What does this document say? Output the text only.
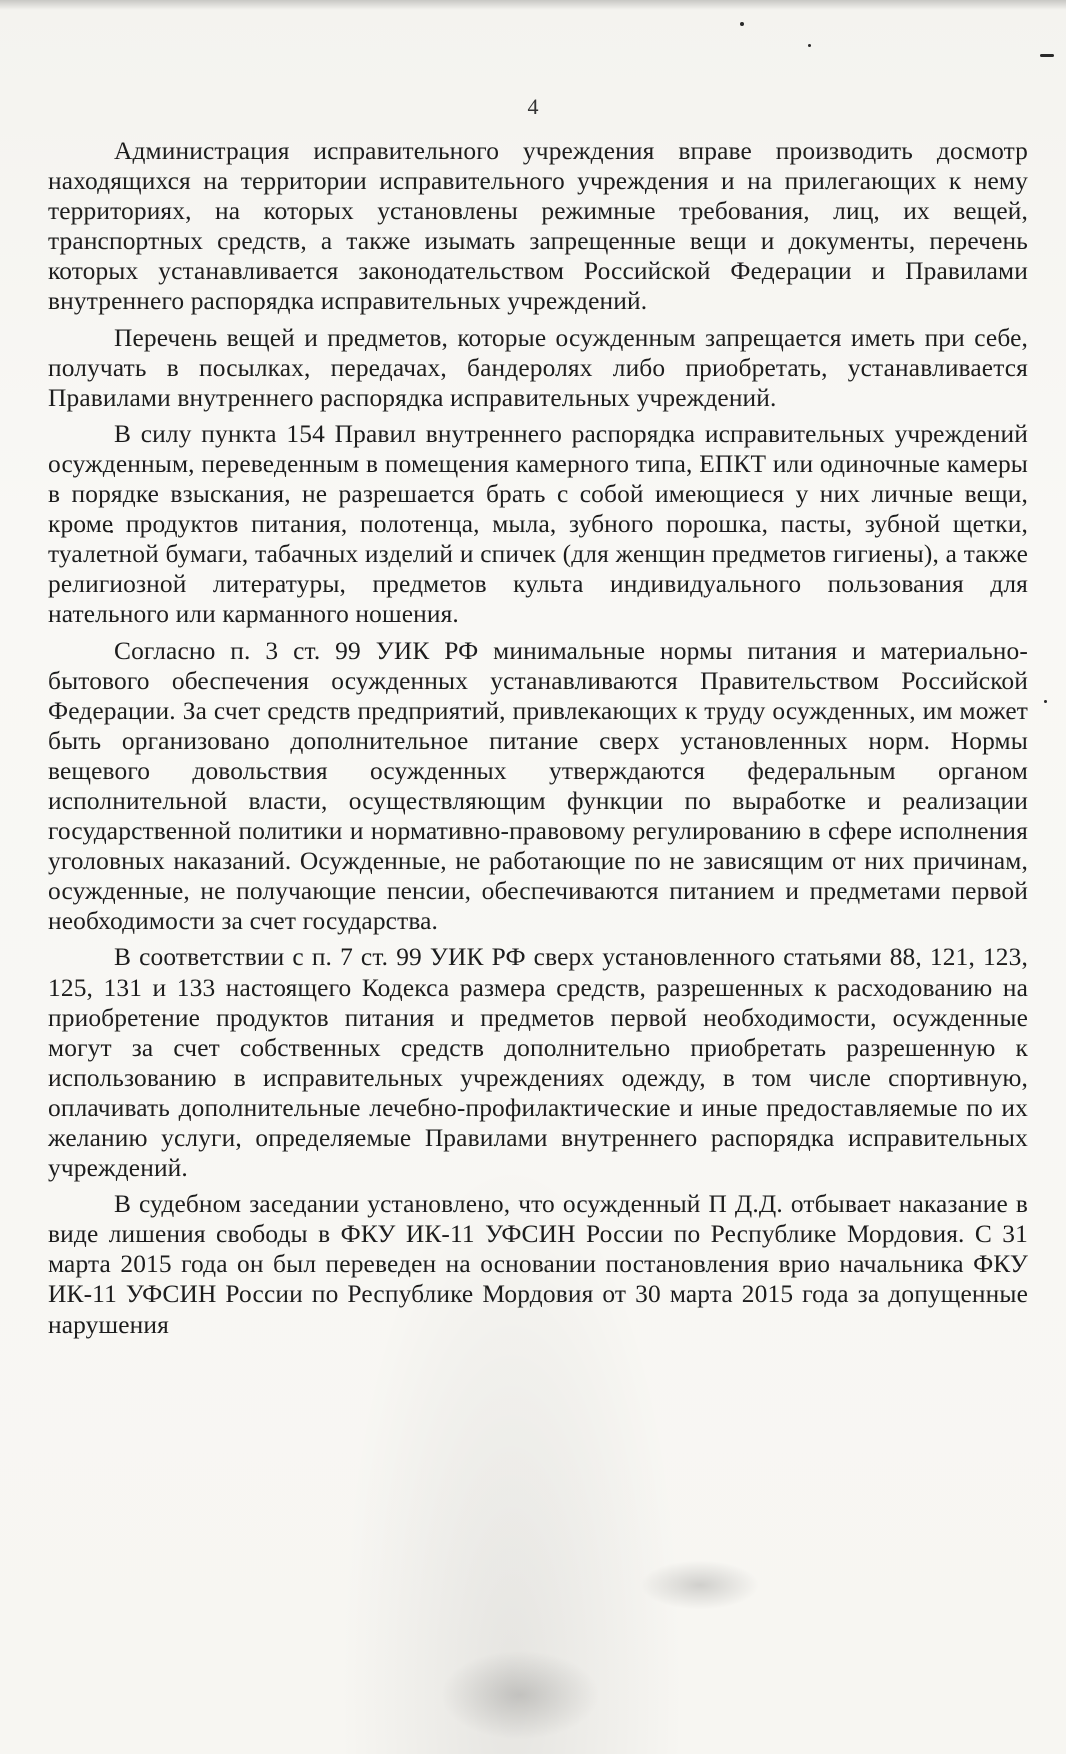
4

Администрация исправительного учреждения вправе производить досмотр находящихся на территории исправительного учреждения и на прилегающих к нему территориях, на которых установлены режимные требования, лиц, их вещей, транспортных средств, а также изымать запрещенные вещи и документы, перечень которых устанавливается законодательством Российской Федерации и Правилами внутреннего распорядка исправительных учреждений.

Перечень вещей и предметов, которые осужденным запрещается иметь при себе, получать в посылках, передачах, бандеролях либо приобретать, устанавливается Правилами внутреннего распорядка исправительных учреждений.

В силу пункта 154 Правил внутреннего распорядка исправительных учреждений осужденным, переведенным в помещения камерного типа, ЕПКТ или одиночные камеры в порядке взыскания, не разрешается брать с собой имеющиеся у них личные вещи, кроме продуктов питания, полотенца, мыла, зубного порошка, пасты, зубной щетки, туалетной бумаги, табачных изделий и спичек (для женщин предметов гигиены), а также религиозной литературы, предметов культа индивидуального пользования для нательного или карманного ношения.

Согласно п. 3 ст. 99 УИК РФ минимальные нормы питания и материально-бытового обеспечения осужденных устанавливаются Правительством Российской Федерации. За счет средств предприятий, привлекающих к труду осужденных, им может быть организовано дополнительное питание сверх установленных норм. Нормы вещевого довольствия осужденных утверждаются федеральным органом исполнительной власти, осуществляющим функции по выработке и реализации государственной политики и нормативно-правовому регулированию в сфере исполнения уголовных наказаний. Осужденные, не работающие по не зависящим от них причинам, осужденные, не получающие пенсии, обеспечиваются питанием и предметами первой необходимости за счет государства.

В соответствии с п. 7 ст. 99 УИК РФ сверх установленного статьями 88, 121, 123, 125, 131 и 133 настоящего Кодекса размера средств, разрешенных к расходованию на приобретение продуктов питания и предметов первой необходимости, осужденные могут за счет собственных средств дополнительно приобретать разрешенную к использованию в исправительных учреждениях одежду, в том числе спортивную, оплачивать дополнительные лечебно-профилактические и иные предоставляемые по их желанию услуги, определяемые Правилами внутреннего распорядка исправительных учреждений.

В судебном заседании установлено, что осужденный П Д.Д. отбывает наказание в виде лишения свободы в ФКУ ИК-11 УФСИН России по Республике Мордовия. С 31 марта 2015 года он был переведен на основании постановления врио начальника ФКУ ИК-11 УФСИН России по Республике Мордовия от 30 марта 2015 года за допущенные нарушения
